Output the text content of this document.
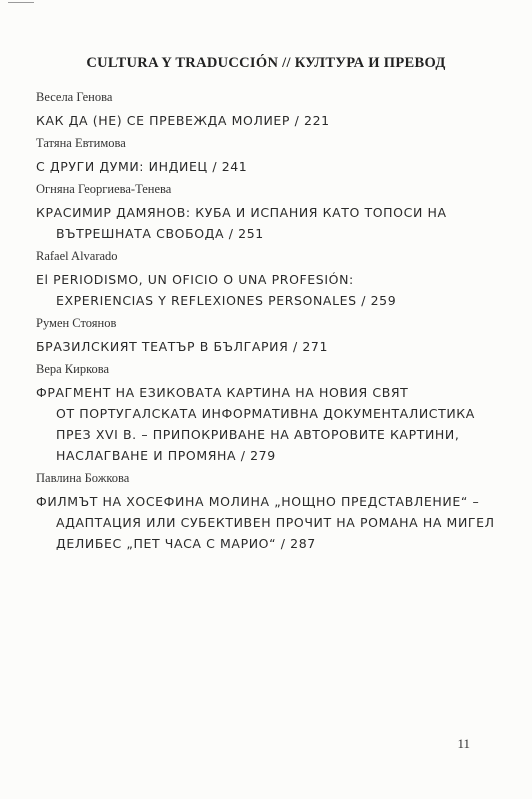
CULTURA Y TRADUCCIÓN // КУЛТУРА И ПРЕВОД
Весела Генова
КАК ДА (НЕ) СЕ ПРЕВЕЖДА МОЛИЕР / 221
Татяна Евтимова
С ДРУГИ ДУМИ: ИНДИЕЦ / 241
Огняна Георгиева-Тенева
КРАСИМИР ДАМЯНОВ: КУБА И ИСПАНИЯ КАТО ТОПОСИ НА
ВЪТРЕШНАТА СВОБОДА / 251
Rafael Alvarado
El PERIODISMO, UN OFICIO O UNA PROFESIÓN:
EXPERIENCIAS Y REFLEXIONES PERSONALES / 259
Румен Стоянов
БРАЗИЛСКИЯТ ТЕАТЪР В БЪЛГАРИЯ / 271
Вера Киркова
ФРАГМЕНТ НА ЕЗИКОВАТА КАРТИНА НА НОВИЯ СВЯТ
ОТ ПОРТУГАЛСКАТА ИНФОРМАТИВНА ДОКУМЕНТАЛИСТИКА
ПРЕЗ XVI В. – ПРИПОКРИВАНЕ НА АВТОРОВИТЕ КАРТИНИ,
НАСЛАГВАНЕ И ПРОМЯНА / 279
Павлина Божкова
ФИЛМЪТ НА ХОСЕФИНА МОЛИНА „НОЩНО ПРЕДСТАВЛЕНИЕ“ –
АДАПТАЦИЯ ИЛИ СУБЕКТИВЕН ПРОЧИТ НА РОМАНА НА МИГЕЛ
ДЕЛИБЕС „ПЕТ ЧАСА С МАРИО“ / 287
11
